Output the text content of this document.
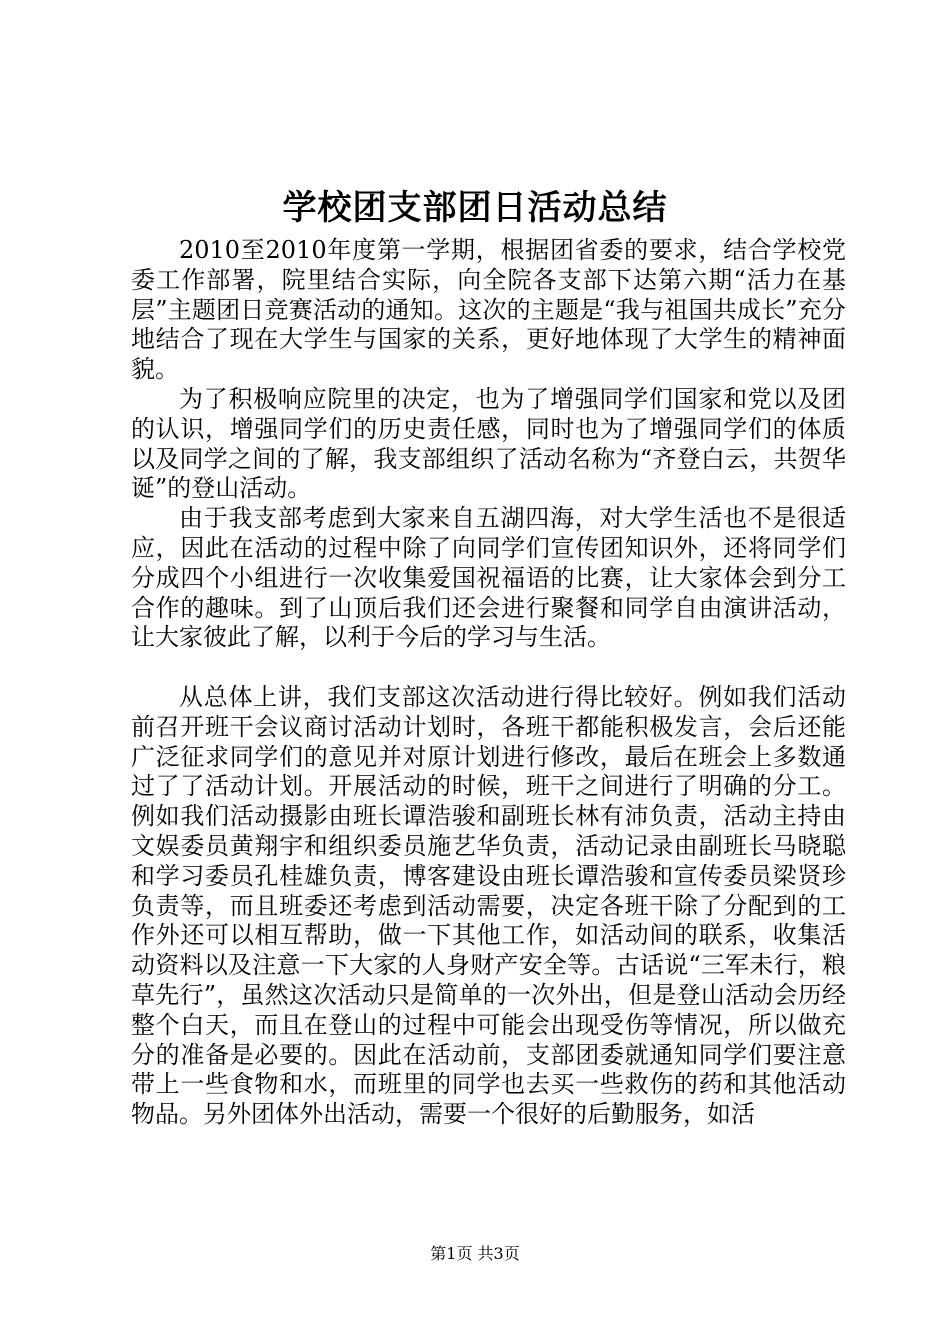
学校团支部团日活动总结

2010至2010年度第一学期，根据团省委的要求，结合学校党委工作部署，院里结合实际，向全院各支部下达第六期“活力在基层”主题团日竞赛活动的通知。这次的主题是“我与祖国共成长”充分地结合了现在大学生与国家的关系，更好地体现了大学生的精神面貌。

为了积极响应院里的决定，也为了增强同学们国家和党以及团的认识，增强同学们的历史责任感，同时也为了增强同学们的体质以及同学之间的了解，我支部组织了活动名称为“齐登白云，共贺华诞”的登山活动。

由于我支部考虑到大家来自五湖四海，对大学生活也不是很适应，因此在活动的过程中除了向同学们宣传团知识外，还将同学们分成四个小组进行一次收集爱国祝福语的比赛，让大家体会到分工合作的趣味。到了山顶后我们还会进行聚餐和同学自由演讲活动，让大家彼此了解，以利于今后的学习与生活。

从总体上讲，我们支部这次活动进行得比较好。例如我们活动前召开班干会议商讨活动计划时，各班干都能积极发言，会后还能广泛征求同学们的意见并对原计划进行修改，最后在班会上多数通过了了活动计划。开展活动的时候，班干之间进行了明确的分工。例如我们活动摄影由班长谭浩骏和副班长林有沛负责，活动主持由文娱委员黄翔宇和组织委员施艺华负责，活动记录由副班长马晓聪和学习委员孔桂雄负责，博客建设由班长谭浩骏和宣传委员梁贤珍负责等，而且班委还考虑到活动需要，决定各班干除了分配到的工作外还可以相互帮助，做一下其他工作，如活动间的联系，收集活动资料以及注意一下大家的人身财产安全等。古话说“三军未行，粮草先行”，虽然这次活动只是简单的一次外出，但是登山活动会历经整个白天，而且在登山的过程中可能会出现受伤等情况，所以做充分的准备是必要的。因此在活动前，支部团委就通知同学们要注意带上一些食物和水，而班里的同学也去买一些救伤的药和其他活动物品。另外团体外出活动，需要一个很好的后勤服务，如活

第1页 共3页
